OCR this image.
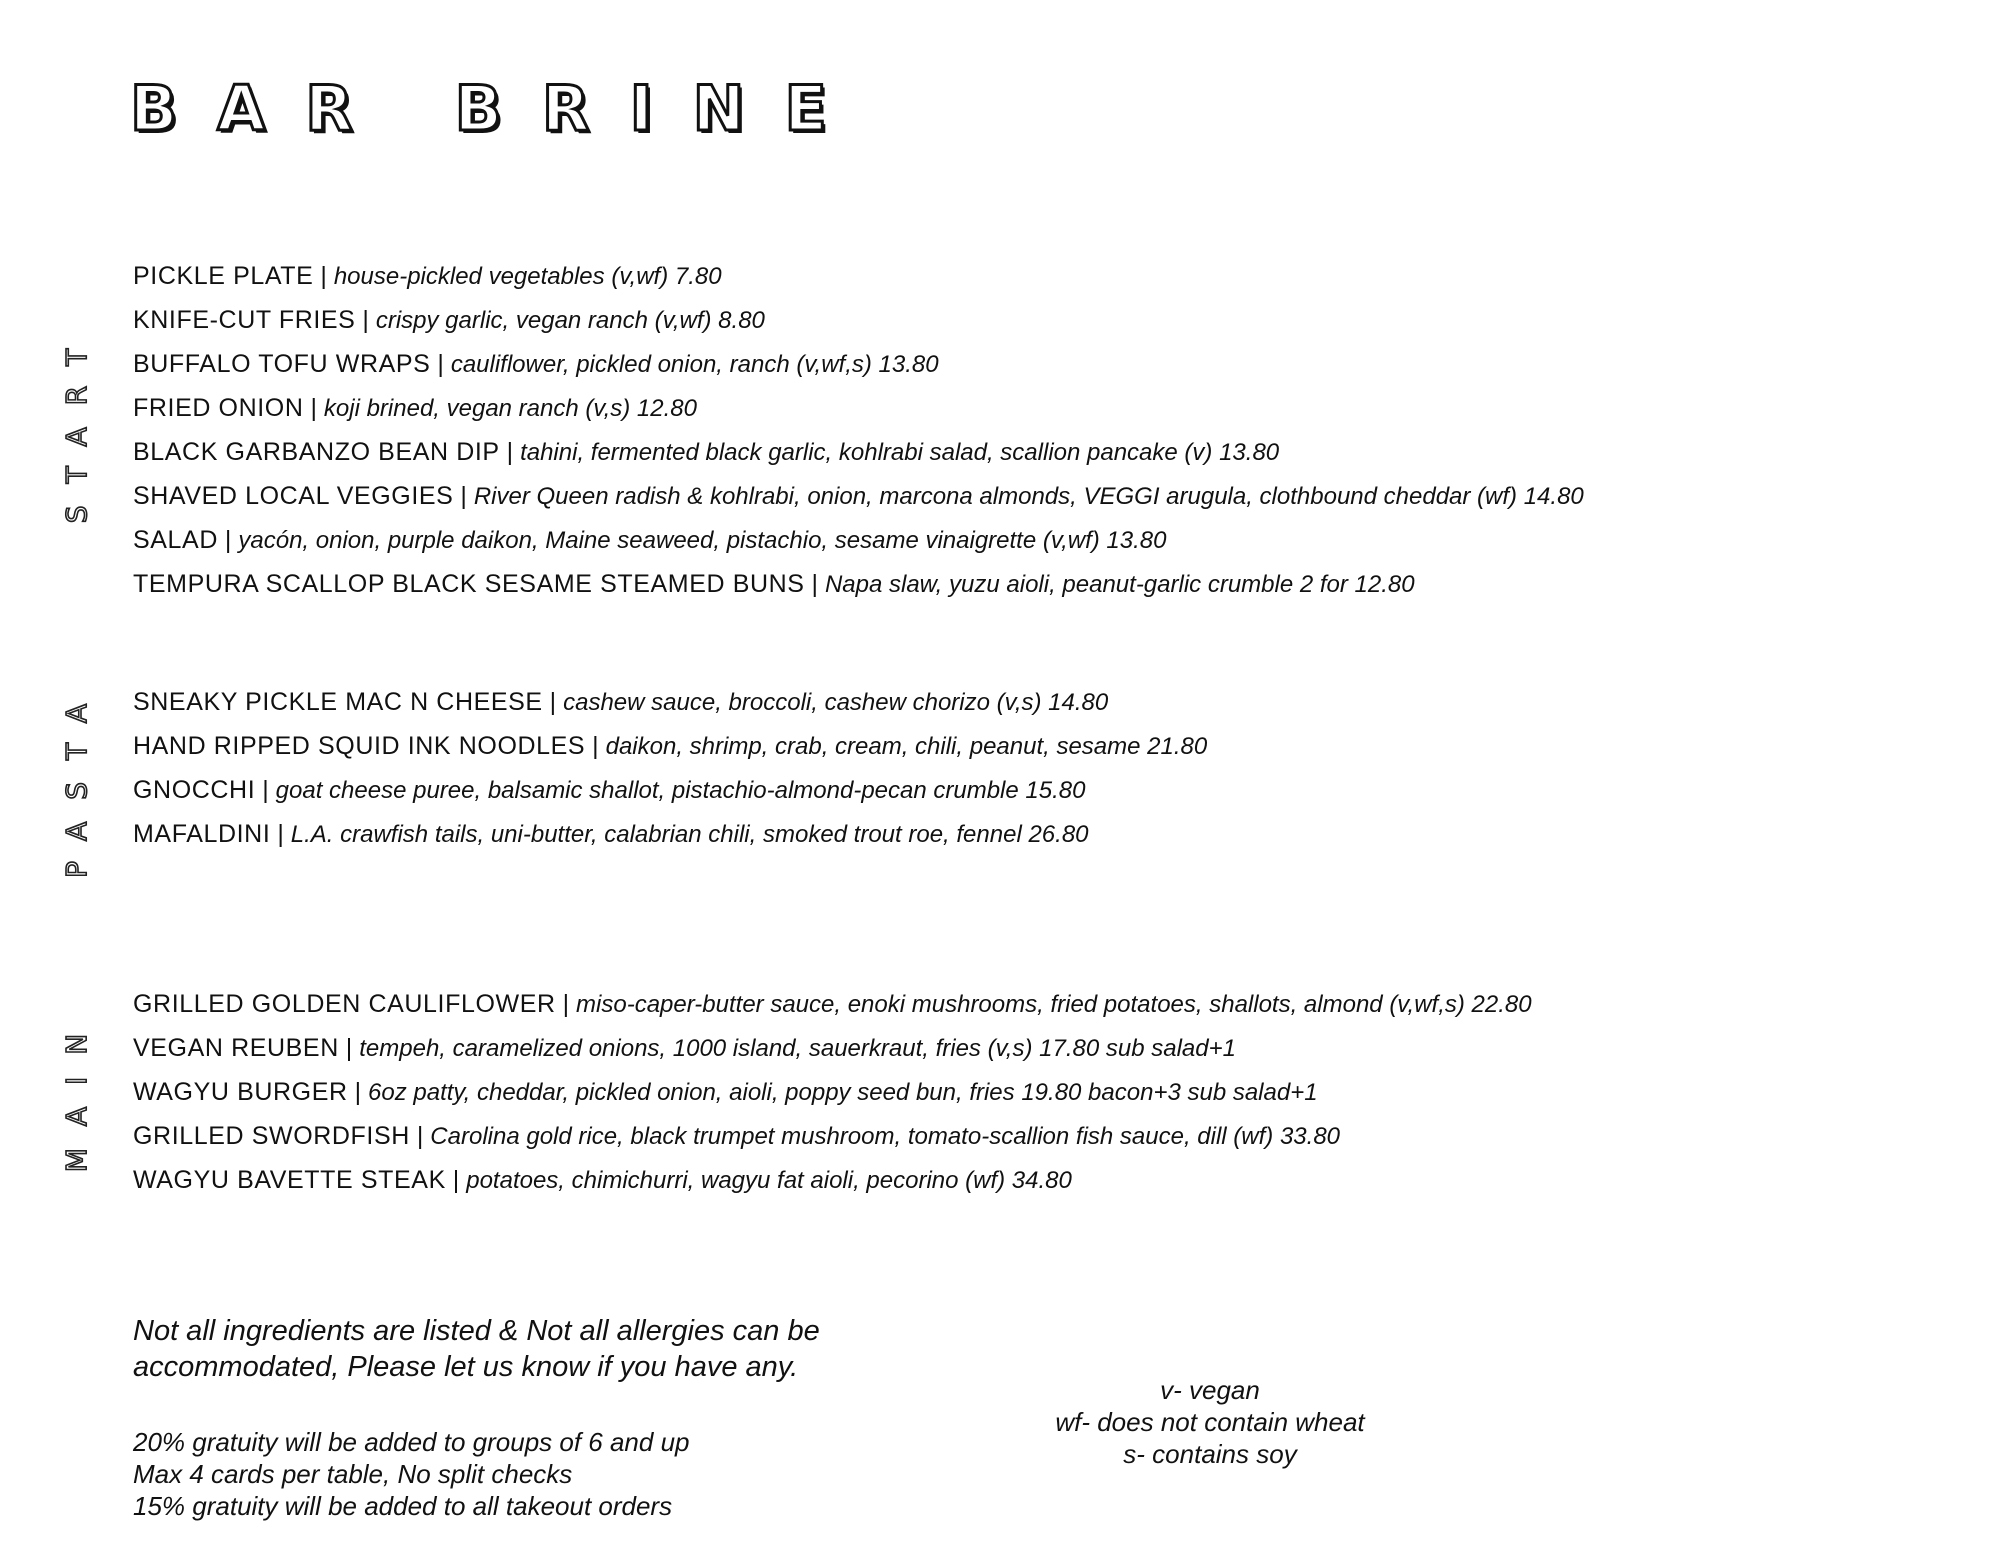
BAR BRINE
START
PICKLE PLATE | house-pickled vegetables (v,wf) 7.80
KNIFE-CUT FRIES | crispy garlic, vegan ranch (v,wf) 8.80
BUFFALO TOFU WRAPS | cauliflower, pickled onion, ranch (v,wf,s) 13.80
FRIED ONION | koji brined, vegan ranch (v,s) 12.80
BLACK GARBANZO BEAN DIP | tahini, fermented black garlic, kohlrabi salad, scallion pancake (v) 13.80
SHAVED LOCAL VEGGIES | River Queen radish & kohlrabi, onion, marcona almonds, VEGGI arugula, clothbound cheddar (wf) 14.80
SALAD | yacón, onion, purple daikon, Maine seaweed, pistachio, sesame vinaigrette (v,wf) 13.80
TEMPURA SCALLOP BLACK SESAME STEAMED BUNS | Napa slaw, yuzu aioli, peanut-garlic crumble 2 for 12.80
PASTA SNEAKY PICKLE MAC N CHEESE | cashew sauce, broccoli, cashew chorizo (v,s) 14.80
HAND RIPPED SQUID INK NOODLES | daikon, shrimp, crab, cream, chili, peanut, sesame 21.80
GNOCCHI | goat cheese puree, balsamic shallot, pistachio-almond-pecan crumble 15.80
MAFALDINI | L.A. crawfish tails, uni-butter, calabrian chili, smoked trout roe, fennel 26.80
MAIN
GRILLED GOLDEN CAULIFLOWER | miso-caper-butter sauce, enoki mushrooms, fried potatoes, shallots, almond (v,wf,s) 22.80
VEGAN REUBEN | tempeh, caramelized onions, 1000 island, sauerkraut, fries (v,s) 17.80 sub salad+1
WAGYU BURGER | 6oz patty, cheddar, pickled onion, aioli, poppy seed bun, fries 19.80 bacon+3 sub salad+1
GRILLED SWORDFISH | Carolina gold rice, black trumpet mushroom, tomato-scallion fish sauce, dill (wf) 33.80
WAGYU BAVETTE STEAK | potatoes, chimichurri, wagyu fat aioli, pecorino (wf) 34.80
Not all ingredients are listed & Not all allergies can be accommodated, Please let us know if you have any.
20% gratuity will be added to groups of 6 and up
Max 4 cards per table, No split checks
15% gratuity will be added to all takeout orders
v- vegan
wf- does not contain wheat
s- contains soy
